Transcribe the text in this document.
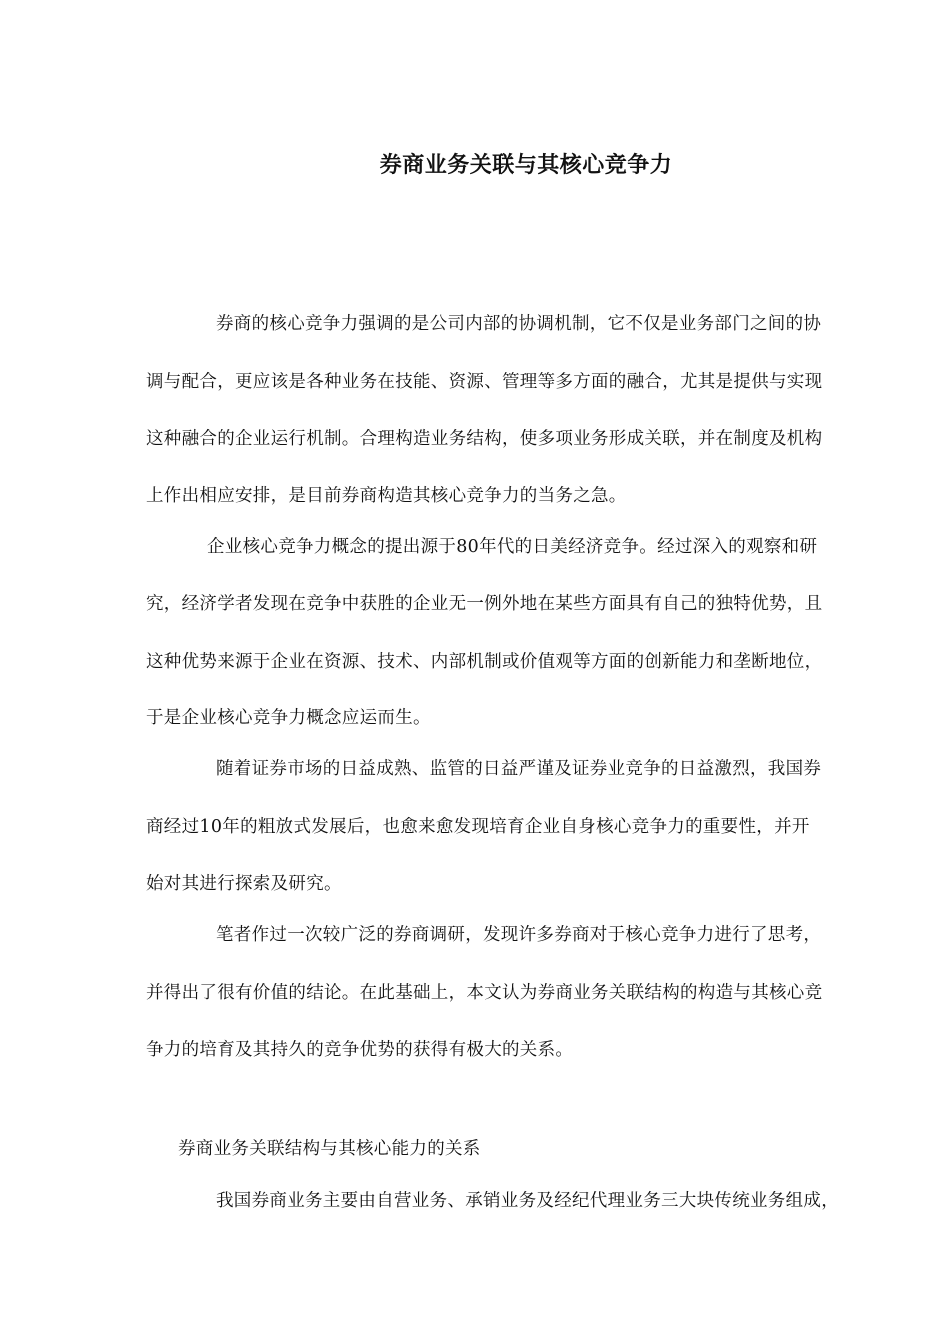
券商业务关联与其核心竞争力

券商的核心竞争力强调的是公司内部的协调机制，它不仅是业务部门之间的协

调与配合，更应该是各种业务在技能、资源、管理等多方面的融合，尤其是提供与实现

这种融合的企业运行机制。合理构造业务结构，使多项业务形成关联，并在制度及机构

上作出相应安排，是目前券商构造其核心竞争力的当务之急。

企业核心竞争力概念的提出源于80年代的日美经济竞争。经过深入的观察和研

究，经济学者发现在竞争中获胜的企业无一例外地在某些方面具有自己的独特优势，且

这种优势来源于企业在资源、技术、内部机制或价值观等方面的创新能力和垄断地位，

于是企业核心竞争力概念应运而生。

随着证券市场的日益成熟、监管的日益严谨及证券业竞争的日益激烈，我国券

商经过10年的粗放式发展后，也愈来愈发现培育企业自身核心竞争力的重要性，并开

始对其进行探索及研究。

笔者作过一次较广泛的券商调研，发现许多券商对于核心竞争力进行了思考，

并得出了很有价值的结论。在此基础上，本文认为券商业务关联结构的构造与其核心竞

争力的培育及其持久的竞争优势的获得有极大的关系。

券商业务关联结构与其核心能力的关系

我国券商业务主要由自营业务、承销业务及经纪代理业务三大块传统业务组成，
